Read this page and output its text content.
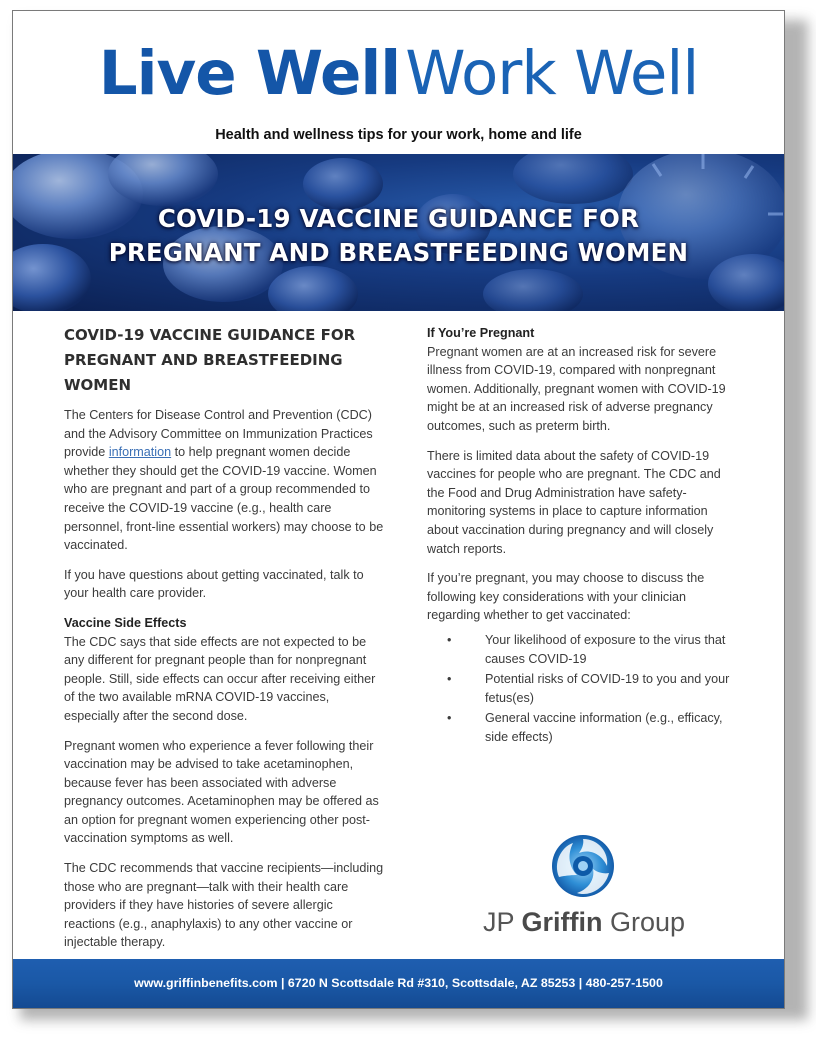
Live Well Work Well
Health and wellness tips for your work, home and life
COVID-19 VACCINE GUIDANCE FOR
PREGNANT AND BREASTFEEDING WOMEN
COVID-19 VACCINE GUIDANCE FOR
PREGNANT AND BREASTFEEDING
WOMEN

The Centers for Disease Control and Prevention (CDC) and the Advisory Committee on Immunization Practices provide information to help pregnant women decide whether they should get the COVID-19 vaccine. Women who are pregnant and part of a group recommended to receive the COVID-19 vaccine (e.g., health care personnel, front-line essential workers) may choose to be vaccinated.

If you have questions about getting vaccinated, talk to your health care provider.

Vaccine Side Effects

The CDC says that side effects are not expected to be any different for pregnant people than for nonpregnant people. Still, side effects can occur after receiving either of the two available mRNA COVID-19 vaccines, especially after the second dose.

Pregnant women who experience a fever following their vaccination may be advised to take acetaminophen, because fever has been associated with adverse pregnancy outcomes. Acetaminophen may be offered as an option for pregnant women experiencing other post-vaccination symptoms as well.

The CDC recommends that vaccine recipients—including those who are pregnant—talk with their health care providers if they have histories of severe allergic reactions (e.g., anaphylaxis) to any other vaccine or injectable therapy.

If You’re Pregnant

Pregnant women are at an increased risk for severe illness from COVID-19, compared with nonpregnant women. Additionally, pregnant women with COVID-19 might be at an increased risk of adverse pregnancy outcomes, such as preterm birth.

There is limited data about the safety of COVID-19 vaccines for people who are pregnant. The CDC and the Food and Drug Administration have safety-monitoring systems in place to capture information about vaccination during pregnancy and will closely watch reports.

If you’re pregnant, you may choose to discuss the following key considerations with your clinician regarding whether to get vaccinated:

•	Your likelihood of exposure to the virus that causes COVID-19
•	Potential risks of COVID-19 to you and your fetus(es)
•	General vaccine information (e.g., efficacy, side effects)
JP Griffin Group
www.griffinbenefits.com | 6720 N Scottsdale Rd #310, Scottsdale, AZ 85253 | 480-257-1500
